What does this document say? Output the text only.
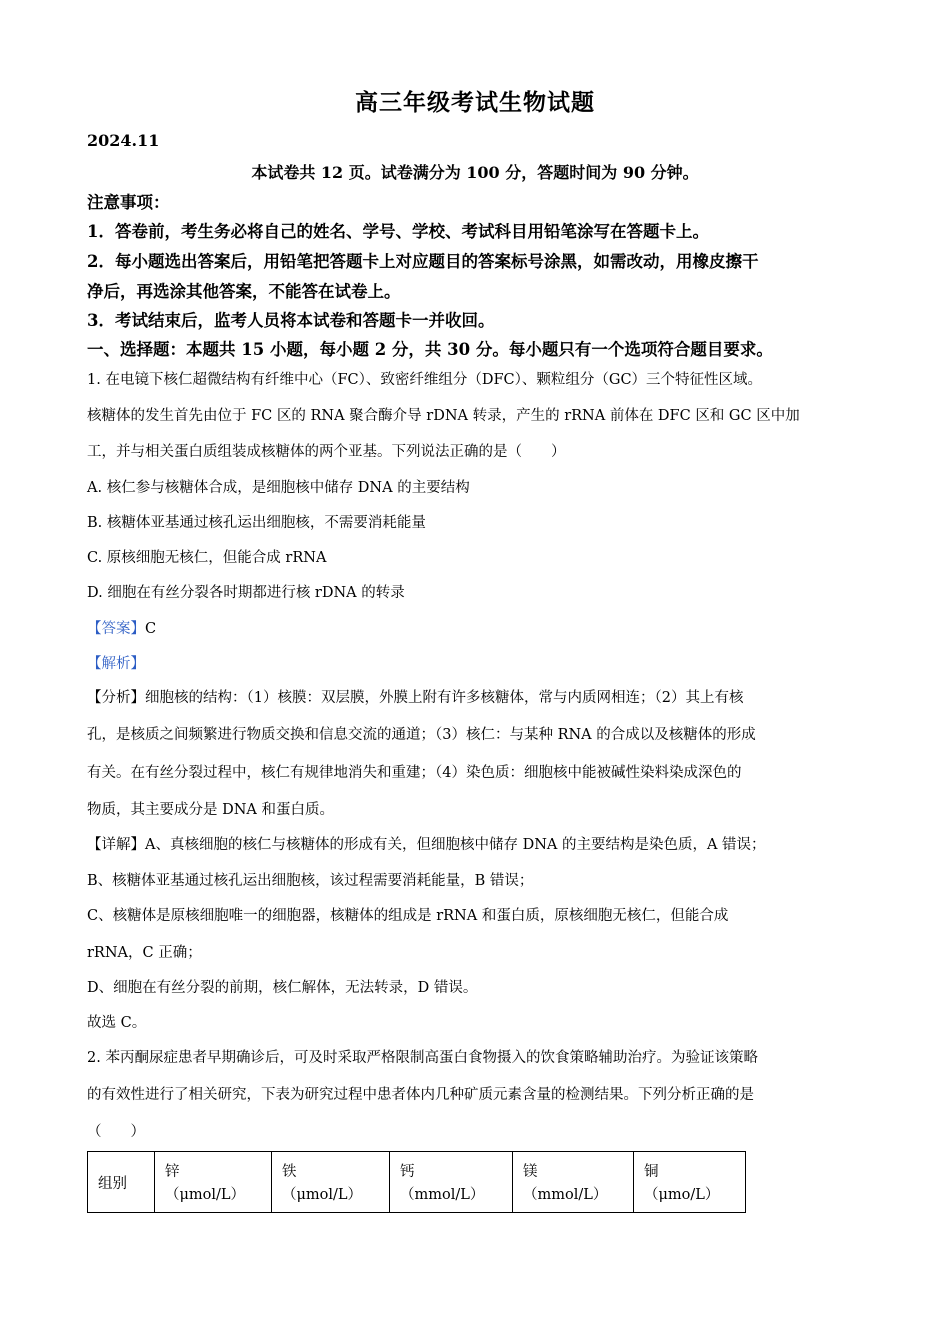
高三年级考试生物试题
2024.11
本试卷共 12 页。试卷满分为 100 分，答题时间为 90 分钟。
注意事项：
1．答卷前，考生务必将自己的姓名、学号、学校、考试科目用铅笔涂写在答题卡上。
2．每小题选出答案后，用铅笔把答题卡上对应题目的答案标号涂黑，如需改动，用橡皮擦干
净后，再选涂其他答案，不能答在试卷上。
3．考试结束后，监考人员将本试卷和答题卡一并收回。
一、选择题：本题共 15 小题，每小题 2 分，共 30 分。每小题只有一个选项符合题目要求。
1. 在电镜下核仁超微结构有纤维中心（FC）、致密纤维组分（DFC）、颗粒组分（GC）三个特征性区域。
核糖体的发生首先由位于 FC 区的 RNA 聚合酶介导 rDNA 转录，产生的 rRNA 前体在 DFC 区和 GC 区中加
工，并与相关蛋白质组装成核糖体的两个亚基。下列说法正确的是（　　）
A. 核仁参与核糖体合成，是细胞核中储存 DNA 的主要结构
B. 核糖体亚基通过核孔运出细胞核，不需要消耗能量
C. 原核细胞无核仁，但能合成 rRNA
D. 细胞在有丝分裂各时期都进行核 rDNA 的转录
【答案】C
【解析】
【分析】细胞核的结构：（1）核膜：双层膜，外膜上附有许多核糖体，常与内质网相连；（2）其上有核
孔，是核质之间频繁进行物质交换和信息交流的通道；（3）核仁：与某种 RNA 的合成以及核糖体的形成
有关。在有丝分裂过程中，核仁有规律地消失和重建；（4）染色质：细胞核中能被碱性染料染成深色的
物质，其主要成分是 DNA 和蛋白质。
【详解】A、真核细胞的核仁与核糖体的形成有关，但细胞核中储存 DNA 的主要结构是染色质，A 错误；
B、核糖体亚基通过核孔运出细胞核，该过程需要消耗能量，B 错误；
C、核糖体是原核细胞唯一的细胞器，核糖体的组成是 rRNA 和蛋白质，原核细胞无核仁，但能合成
rRNA，C 正确；
D、细胞在有丝分裂的前期，核仁解体，无法转录，D 错误。
故选 C。
2. 苯丙酮尿症患者早期确诊后，可及时采取严格限制高蛋白食物摄入的饮食策略辅助治疗。为验证该策略
的有效性进行了相关研究，下表为研究过程中患者体内几种矿质元素含量的检测结果。下列分析正确的是
（　　）
组别	锌
（μmol/L）
	铁
（μmol/L）
	钙
（mmol/L）
	镁
（mmol/L）
	铜
（μmo/L）
